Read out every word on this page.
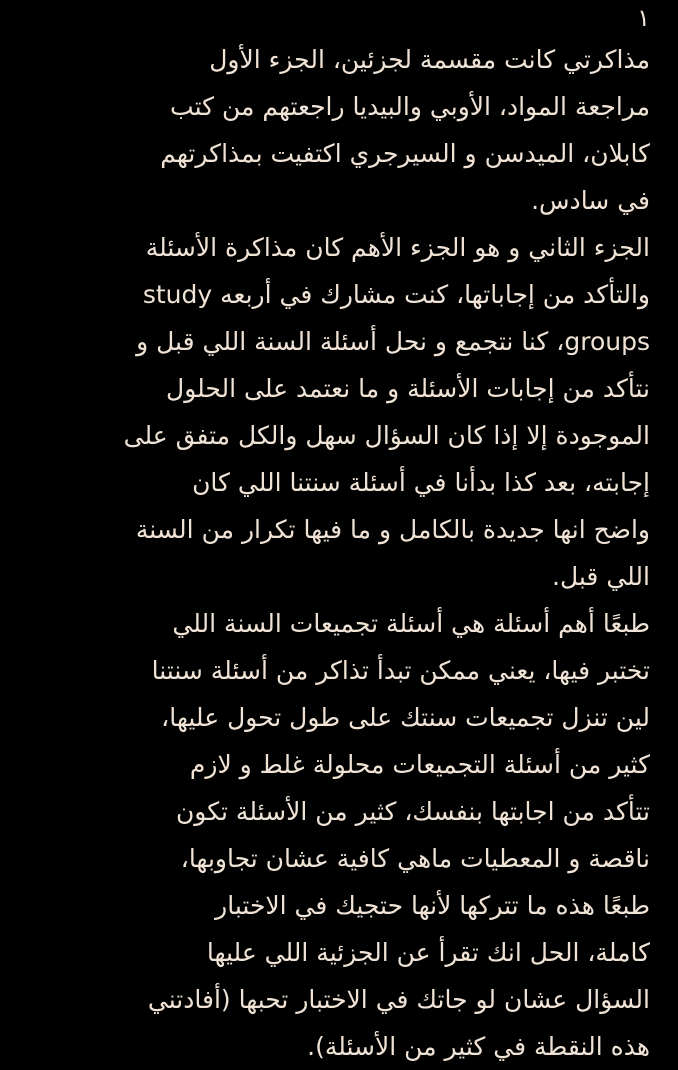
١
مذاكرتي كانت مقسمة لجزئين، الجزء الأول
مراجعة المواد، الأوبي والبيديا راجعتهم من كتب
كابلان، الميدسن و السيرجري اكتفيت بمذاكرتهم
في سادس.
الجزء الثاني و هو الجزء الأهم كان مذاكرة الأسئلة
والتأكد من إجاباتها، كنت مشارك في أربعه study
groups، كنا نتجمع و نحل أسئلة السنة اللي قبل و
نتأكد من إجابات الأسئلة و ما نعتمد على الحلول
الموجودة إلا إذا كان السؤال سهل والكل متفق على
إجابته، بعد كذا بدأنا في أسئلة سنتنا اللي كان
واضح انها جديدة بالكامل و ما فيها تكرار من السنة
اللي قبل.
طبعًا أهم أسئلة هي أسئلة تجميعات السنة اللي
تختبر فيها، يعني ممكن تبدأ تذاكر من أسئلة سنتنا
لين تنزل تجميعات سنتك على طول تحول عليها،
كثير من أسئلة التجميعات محلولة غلط و لازم
تتأكد من اجابتها بنفسك، كثير من الأسئلة تكون
ناقصة و المعطيات ماهي كافية عشان تجاوبها،
طبعًا هذه ما تتركها لأنها حتجيك في الاختبار
كاملة، الحل انك تقرأ عن الجزئية اللي عليها
السؤال عشان لو جاتك في الاختبار تحبها (أفادتني
هذه النقطة في كثير من الأسئلة).
